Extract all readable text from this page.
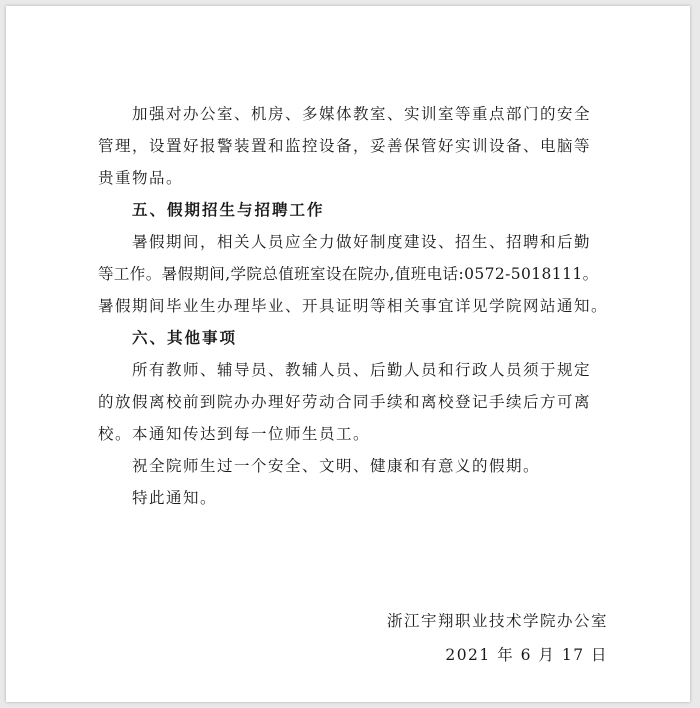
加强对办公室、机房、多媒体教室、实训室等重点部门的安全
管理，设置好报警装置和监控设备，妥善保管好实训设备、电脑等
贵重物品。
五、假期招生与招聘工作
暑假期间，相关人员应全力做好制度建设、招生、招聘和后勤
等工作。暑假期间,学院总值班室设在院办,值班电话:0572-5018111。
暑假期间毕业生办理毕业、开具证明等相关事宜详见学院网站通知。
六、其他事项
所有教师、辅导员、教辅人员、后勤人员和行政人员须于规定
的放假离校前到院办办理好劳动合同手续和离校登记手续后方可离
校。本通知传达到每一位师生员工。
祝全院师生过一个安全、文明、健康和有意义的假期。
特此通知。
浙江宇翔职业技术学院办公室
2021 年 6 月 17 日
